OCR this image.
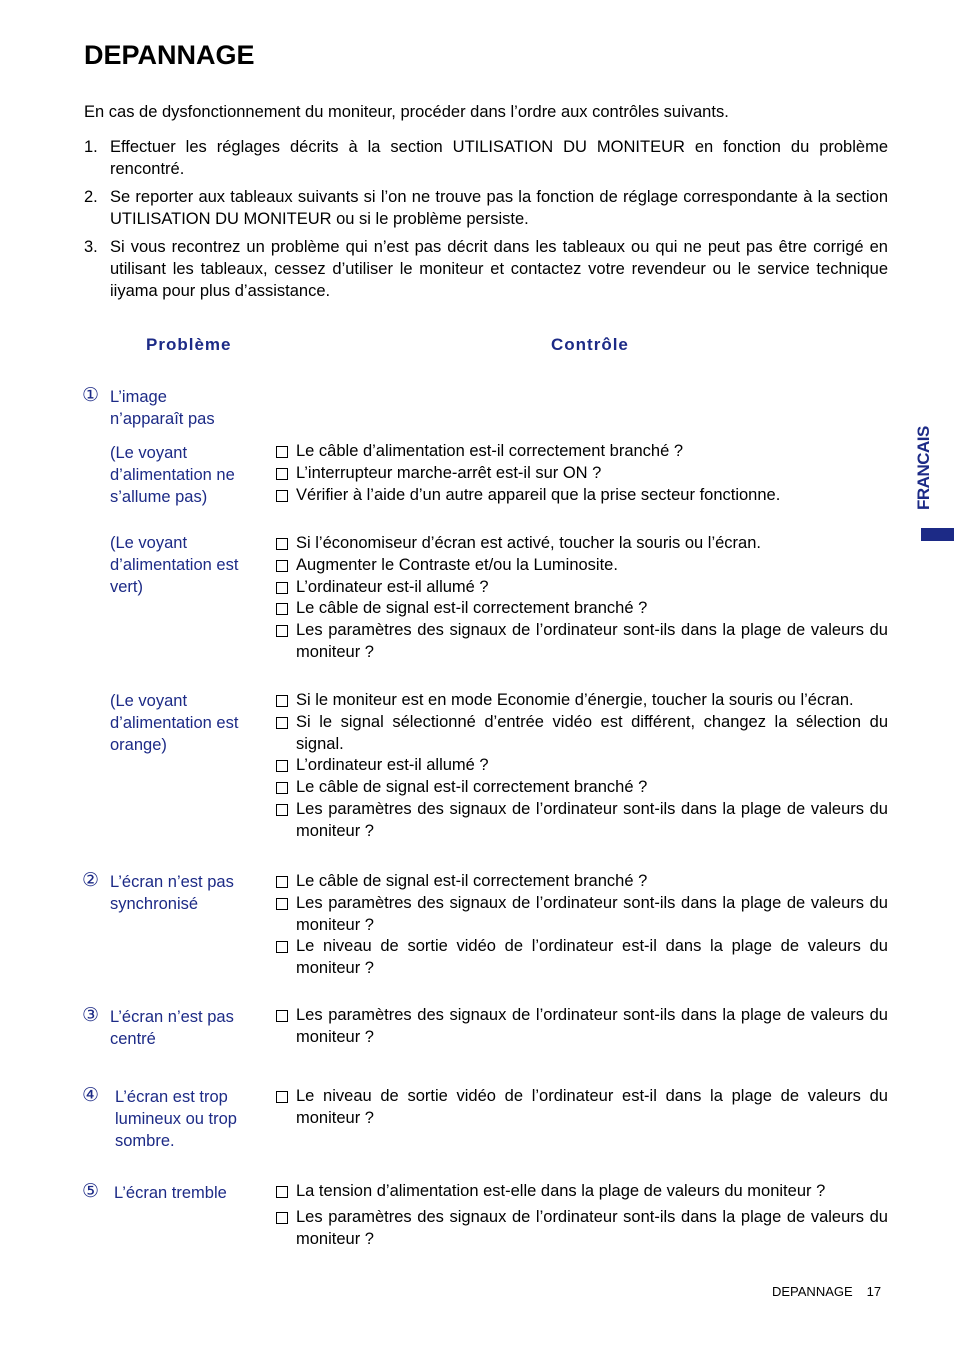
DEPANNAGE
En cas de dysfonctionnement du moniteur, procéder dans l’ordre aux contrôles suivants.
1. Effectuer les réglages décrits à la section UTILISATION DU MONITEUR en fonction du problème rencontré.
2. Se reporter aux tableaux suivants si l’on ne trouve pas la fonction de réglage correspondante à la section UTILISATION DU MONITEUR ou si le problème persiste.
3. Si vous recontrez un problème qui n’est pas décrit dans les tableaux ou qui ne peut pas être corrigé en utilisant les tableaux, cessez d’utiliser le moniteur et contactez votre revendeur ou le service technique iiyama pour plus d’assistance.
Problème	Contrôle
① L’image n’apparaît pas
(Le voyant d’alimentation ne s’allume pas)
Le câble d’alimentation est-il correctement branché ?
L’interrupteur marche-arrêt est-il sur ON ?
Vérifier à l’aide d’un autre appareil que la prise secteur fonctionne.
(Le voyant d’alimentation est vert)
Si l’économiseur d’écran est activé, toucher la souris ou l’écran.
Augmenter le Contraste et/ou la Luminosite.
L’ordinateur est-il allumé ?
Le câble de signal est-il correctement branché ?
Les paramètres des signaux de l’ordinateur sont-ils dans la plage de valeurs du moniteur ?
(Le voyant d’alimentation est orange)
Si le moniteur est en mode Economie d’énergie, toucher la souris ou l’écran.
Si le signal sélectionné d’entrée vidéo est différent, changez la sélection du signal.
L’ordinateur est-il allumé ?
Le câble de signal est-il correctement branché ?
Les paramètres des signaux de l’ordinateur sont-ils dans la plage de valeurs du moniteur ?
② L’écran n’est pas synchronisé
Le câble de signal est-il correctement branché ?
Les paramètres des signaux de l’ordinateur sont-ils dans la plage de valeurs du moniteur ?
Le niveau de sortie vidéo de l’ordinateur est-il dans la plage de valeurs du moniteur ?
③ L’écran n’est pas centré
Les paramètres des signaux de l’ordinateur sont-ils dans la plage de valeurs du moniteur ?
④ L’écran est trop lumineux ou trop sombre.
Le niveau de sortie vidéo de l’ordinateur est-il dans la plage de valeurs du moniteur ?
⑤ L’écran tremble	La tension d’alimentation est-elle dans la plage de valeurs du moniteur ?
Les paramètres des signaux de l’ordinateur sont-ils dans la plage de valeurs du moniteur ?
FRANCAIS
DEPANNAGE 17
